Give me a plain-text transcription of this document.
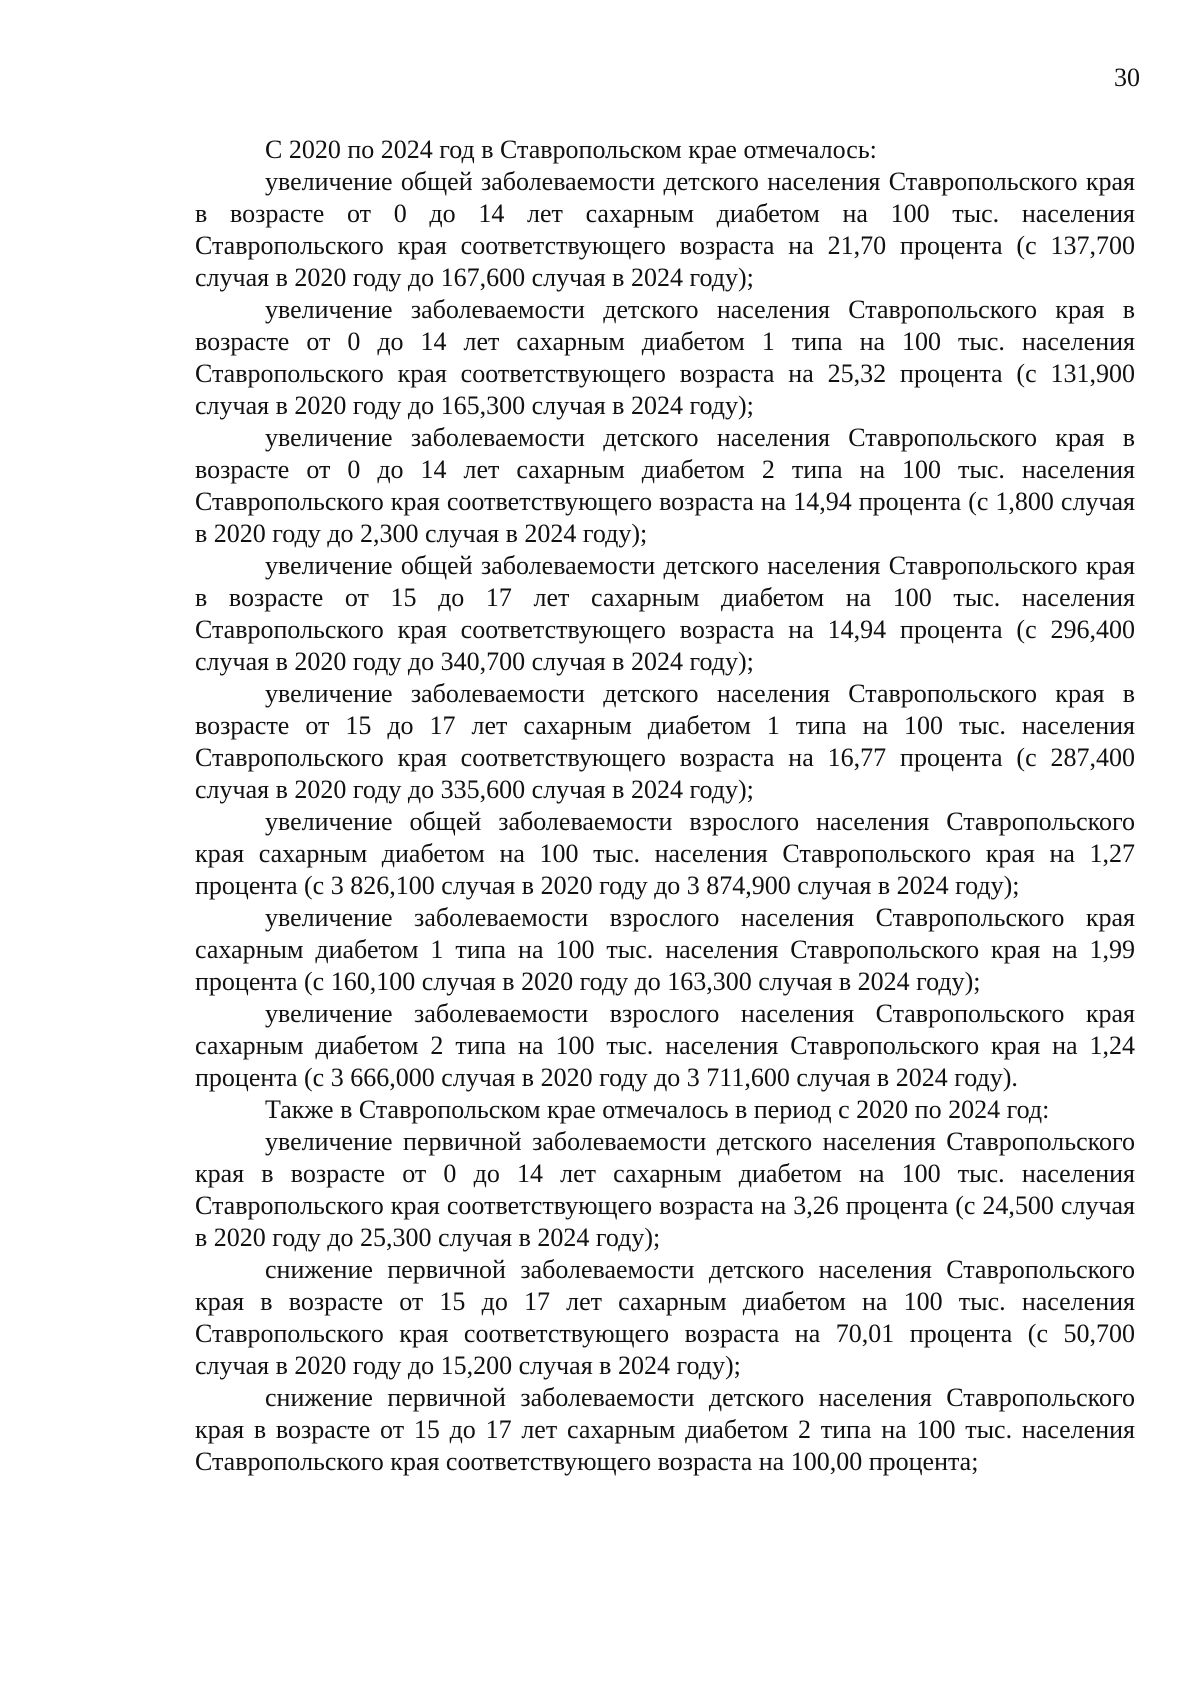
30

С 2020 по 2024 год в Ставропольском крае отмечалось:

увеличение общей заболеваемости детского населения Ставропольского края в возрасте от 0 до 14 лет сахарным диабетом на 100 тыс. населения Ставропольского края соответствующего возраста на 21,70 процента (с 137,700 случая в 2020 году до 167,600 случая в 2024 году);

увеличение заболеваемости детского населения Ставропольского края в возрасте от 0 до 14 лет сахарным диабетом 1 типа на 100 тыс. населения Ставропольского края соответствующего возраста на 25,32 процента (с 131,900 случая в 2020 году до 165,300 случая в 2024 году);

увеличение заболеваемости детского населения Ставропольского края в возрасте от 0 до 14 лет сахарным диабетом 2 типа на 100 тыс. населения Ставропольского края соответствующего возраста на 14,94 процента (с 1,800 случая в 2020 году до 2,300 случая в 2024 году);

увеличение общей заболеваемости детского населения Ставропольского края в возрасте от 15 до 17 лет сахарным диабетом на 100 тыс. населения Ставропольского края соответствующего возраста на 14,94 процента (с 296,400 случая в 2020 году до 340,700 случая в 2024 году);

увеличение заболеваемости детского населения Ставропольского края в возрасте от 15 до 17 лет сахарным диабетом 1 типа на 100 тыс. населения Ставропольского края соответствующего возраста на 16,77 процента (с 287,400 случая в 2020 году до 335,600 случая в 2024 году);

увеличение общей заболеваемости взрослого населения Ставропольского края сахарным диабетом на 100 тыс. населения Ставропольского края на 1,27 процента (с 3 826,100 случая в 2020 году до 3 874,900 случая в 2024 году);

увеличение заболеваемости взрослого населения Ставропольского края сахарным диабетом 1 типа на 100 тыс. населения Ставропольского края на 1,99 процента (с 160,100 случая в 2020 году до 163,300 случая в 2024 году);

увеличение заболеваемости взрослого населения Ставропольского края сахарным диабетом 2 типа на 100 тыс. населения Ставропольского края на 1,24 процента (с 3 666,000 случая в 2020 году до 3 711,600 случая в 2024 году).

Также в Ставропольском крае отмечалось в период с 2020 по 2024 год:

увеличение первичной заболеваемости детского населения Ставропольского края в возрасте от 0 до 14 лет сахарным диабетом на 100 тыс. населения Ставропольского края соответствующего возраста на 3,26 процента (с 24,500 случая в 2020 году до 25,300 случая в 2024 году);

снижение первичной заболеваемости детского населения Ставропольского края в возрасте от 15 до 17 лет сахарным диабетом на 100 тыс. населения Ставропольского края соответствующего возраста на 70,01 процента (с 50,700 случая в 2020 году до 15,200 случая в 2024 году);

снижение первичной заболеваемости детского населения Ставропольского края в возрасте от 15 до 17 лет сахарным диабетом 2 типа на 100 тыс. населения Ставропольского края соответствующего возраста на 100,00 процента;
